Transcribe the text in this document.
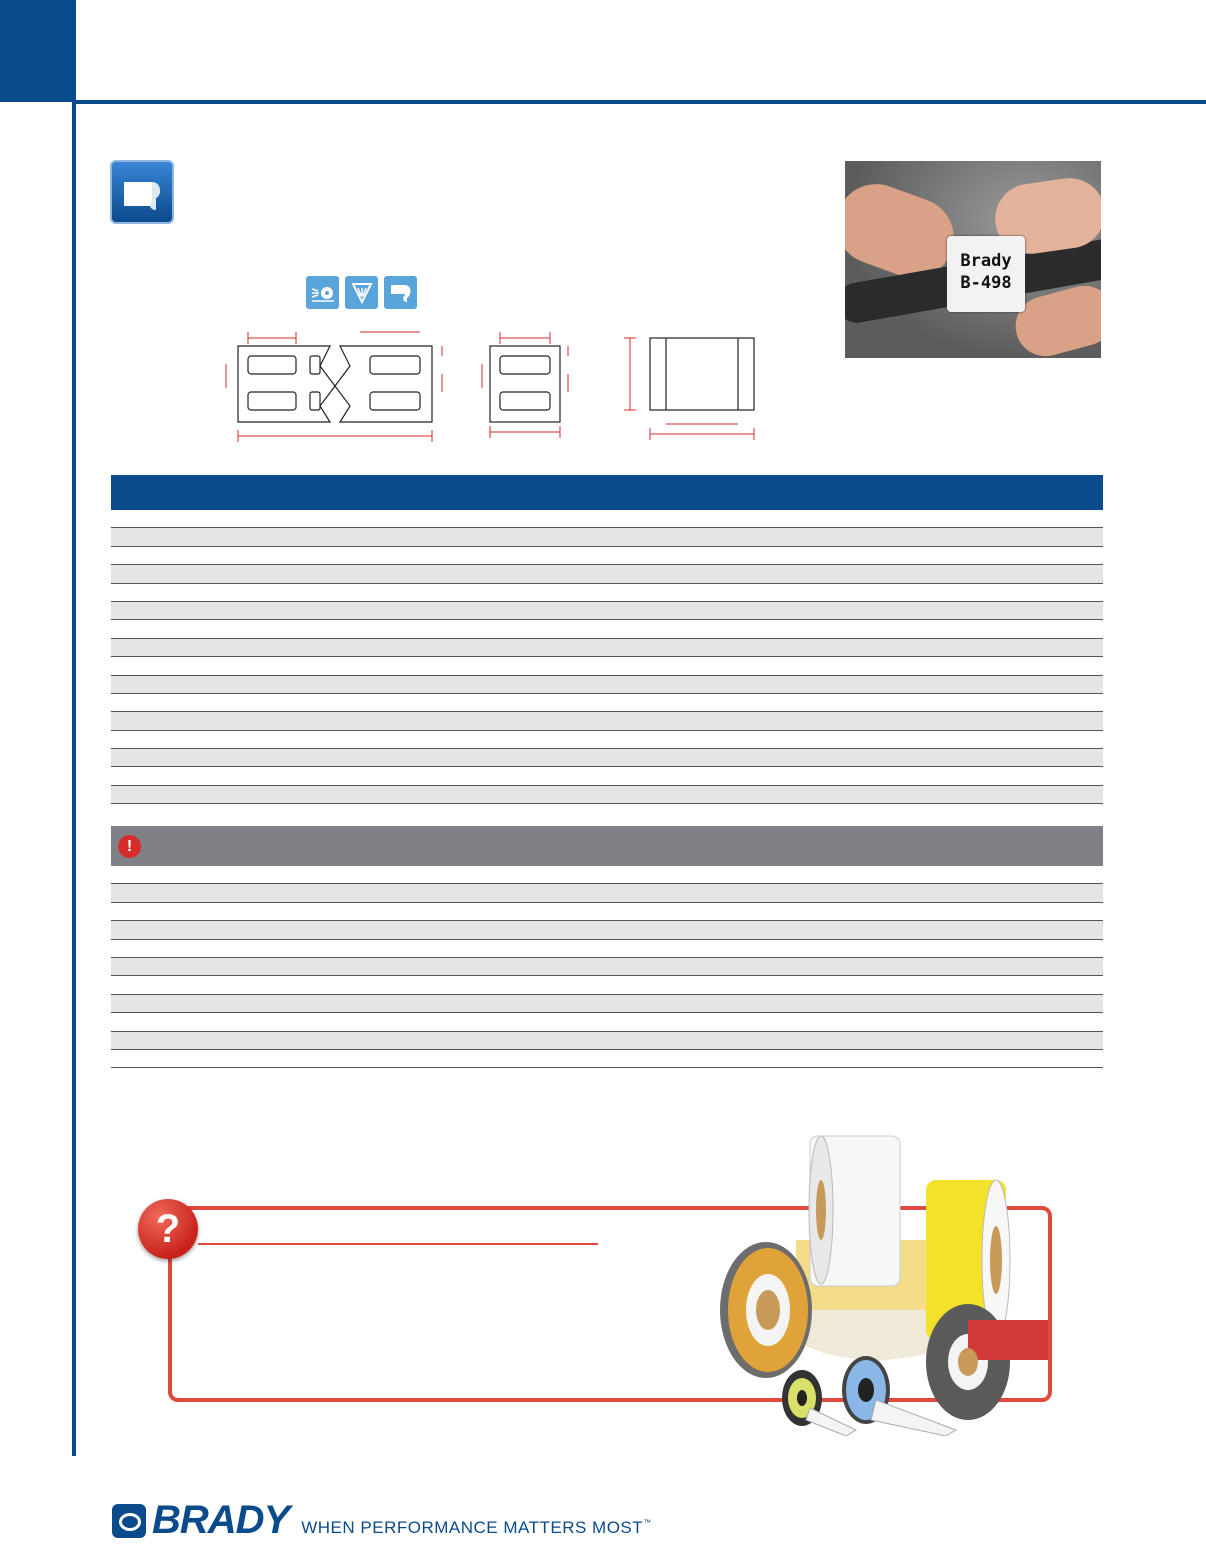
Brady
B-498
!
?
BRADY WHEN PERFORMANCE MATTERS MOST™
